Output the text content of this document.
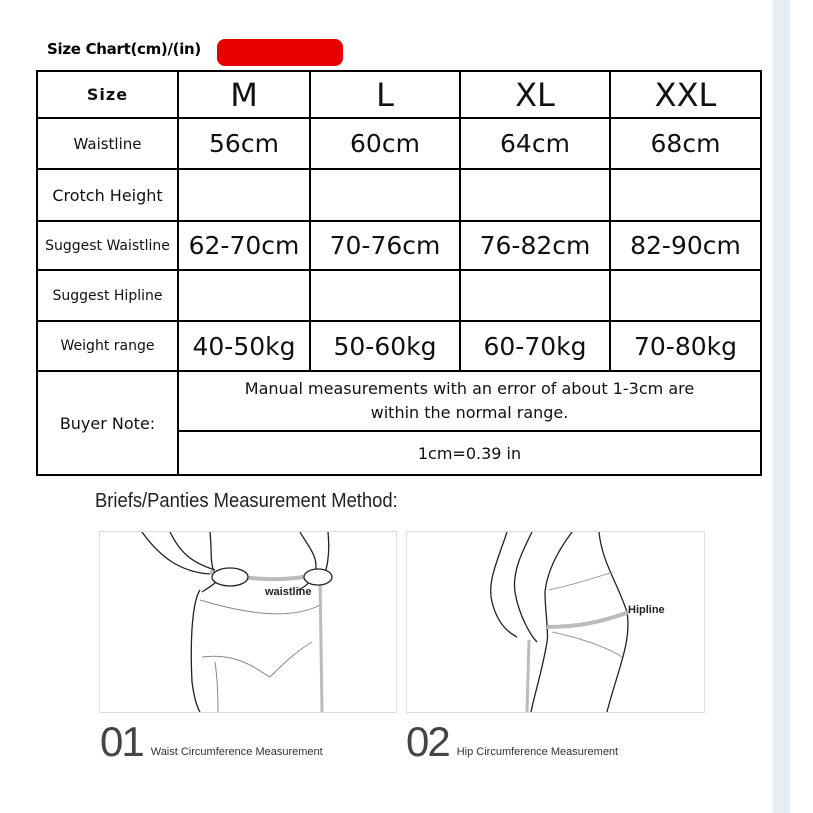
Size Chart(cm)/(in)
Size	M	L	XL	XXL
Waistline	56cm	60cm	64cm	68cm
Crotch Height				
Suggest Waistline	62-70cm	70-76cm	76-82cm	82-90cm
Suggest Hipline				
Weight range	40-50kg	50-60kg	60-70kg	70-80kg
Buyer Note:	Manual measurements with an error of about 1-3cm are
within the normal range.			

	1cm=0.39 in			
Briefs/Panties Measurement Method:
waistline
Hipline
01 Waist Circumference Measurement 02 Hip Circumference Measurement
